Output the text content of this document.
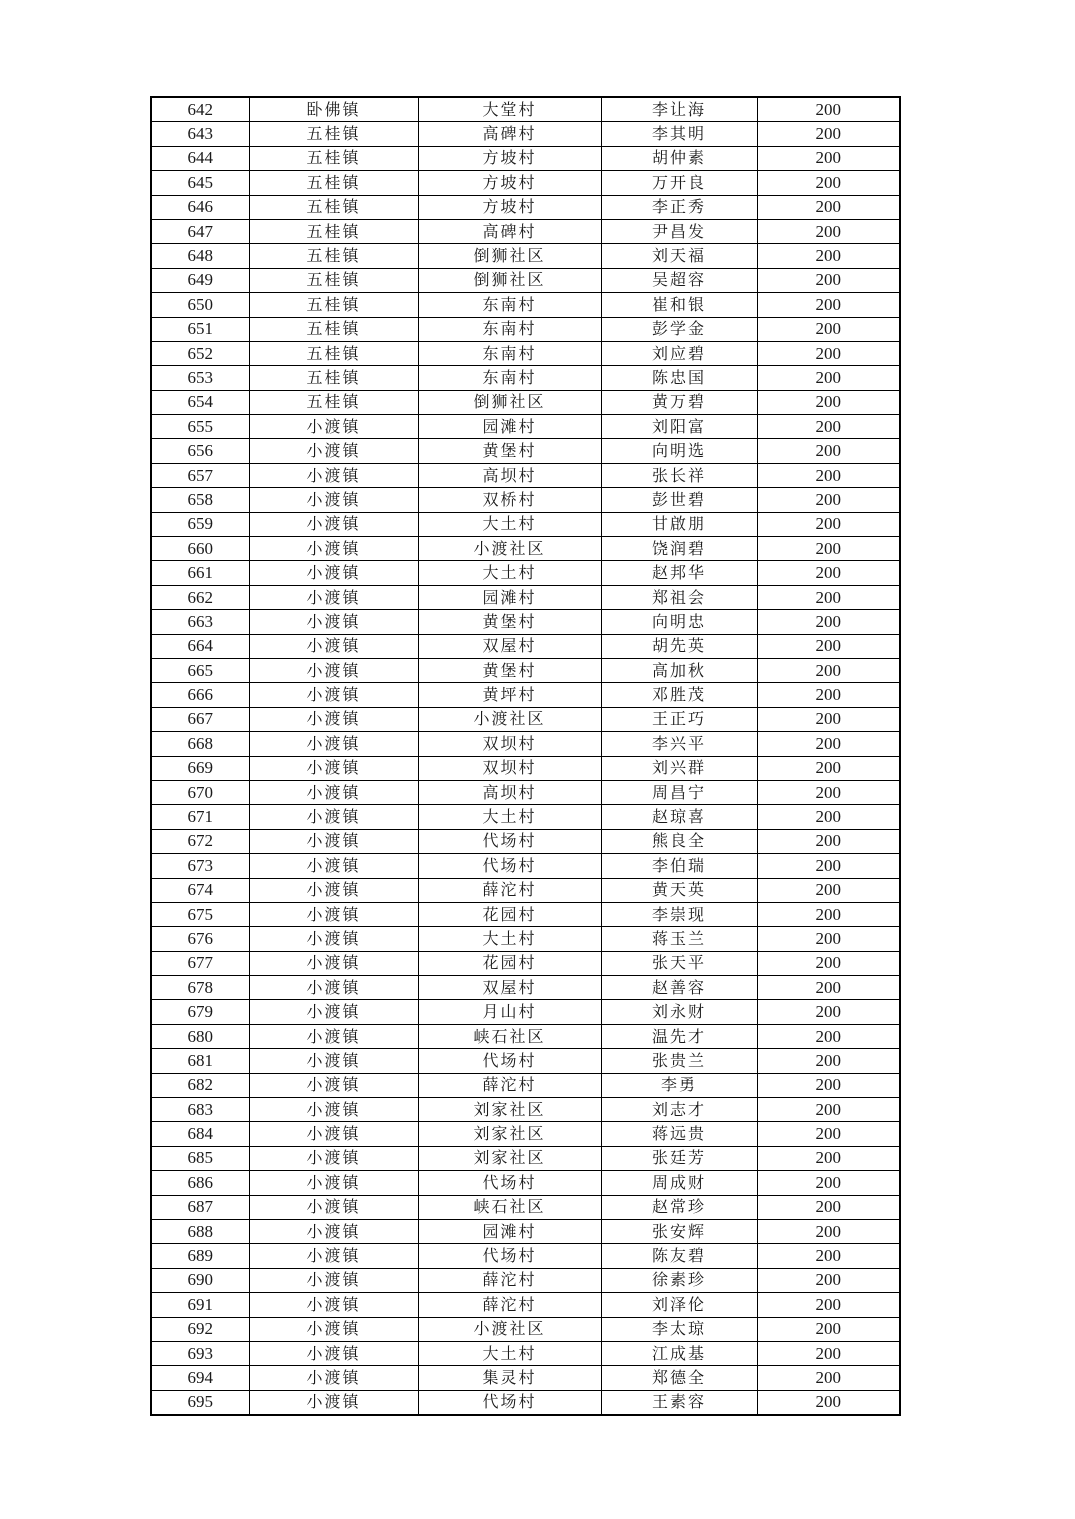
642	卧佛镇	大堂村	李让海	200
643	五桂镇	高碑村	李其明	200
644	五桂镇	方坡村	胡仲素	200
645	五桂镇	方坡村	万开良	200
646	五桂镇	方坡村	李正秀	200
647	五桂镇	高碑村	尹昌发	200
648	五桂镇	倒狮社区	刘天福	200
649	五桂镇	倒狮社区	吴超容	200
650	五桂镇	东南村	崔和银	200
651	五桂镇	东南村	彭学金	200
652	五桂镇	东南村	刘应碧	200
653	五桂镇	东南村	陈忠国	200
654	五桂镇	倒狮社区	黄万碧	200
655	小渡镇	园滩村	刘阳富	200
656	小渡镇	黄堡村	向明选	200
657	小渡镇	高坝村	张长祥	200
658	小渡镇	双桥村	彭世碧	200
659	小渡镇	大土村	甘啟朋	200
660	小渡镇	小渡社区	饶润碧	200
661	小渡镇	大土村	赵邦华	200
662	小渡镇	园滩村	郑祖会	200
663	小渡镇	黄堡村	向明忠	200
664	小渡镇	双屋村	胡先英	200
665	小渡镇	黄堡村	高加秋	200
666	小渡镇	黄坪村	邓胜茂	200
667	小渡镇	小渡社区	王正巧	200
668	小渡镇	双坝村	李兴平	200
669	小渡镇	双坝村	刘兴群	200
670	小渡镇	高坝村	周昌宁	200
671	小渡镇	大土村	赵琼喜	200
672	小渡镇	代场村	熊良全	200
673	小渡镇	代场村	李伯瑞	200
674	小渡镇	薛沱村	黄天英	200
675	小渡镇	花园村	李崇现	200
676	小渡镇	大土村	蒋玉兰	200
677	小渡镇	花园村	张天平	200
678	小渡镇	双屋村	赵善容	200
679	小渡镇	月山村	刘永财	200
680	小渡镇	峡石社区	温先才	200
681	小渡镇	代场村	张贵兰	200
682	小渡镇	薛沱村	李勇	200
683	小渡镇	刘家社区	刘志才	200
684	小渡镇	刘家社区	蒋远贵	200
685	小渡镇	刘家社区	张廷芳	200
686	小渡镇	代场村	周成财	200
687	小渡镇	峡石社区	赵常珍	200
688	小渡镇	园滩村	张安辉	200
689	小渡镇	代场村	陈友碧	200
690	小渡镇	薛沱村	徐素珍	200
691	小渡镇	薛沱村	刘泽伦	200
692	小渡镇	小渡社区	李太琼	200
693	小渡镇	大土村	江成基	200
694	小渡镇	集灵村	郑德全	200
695	小渡镇	代场村	王素容	200
